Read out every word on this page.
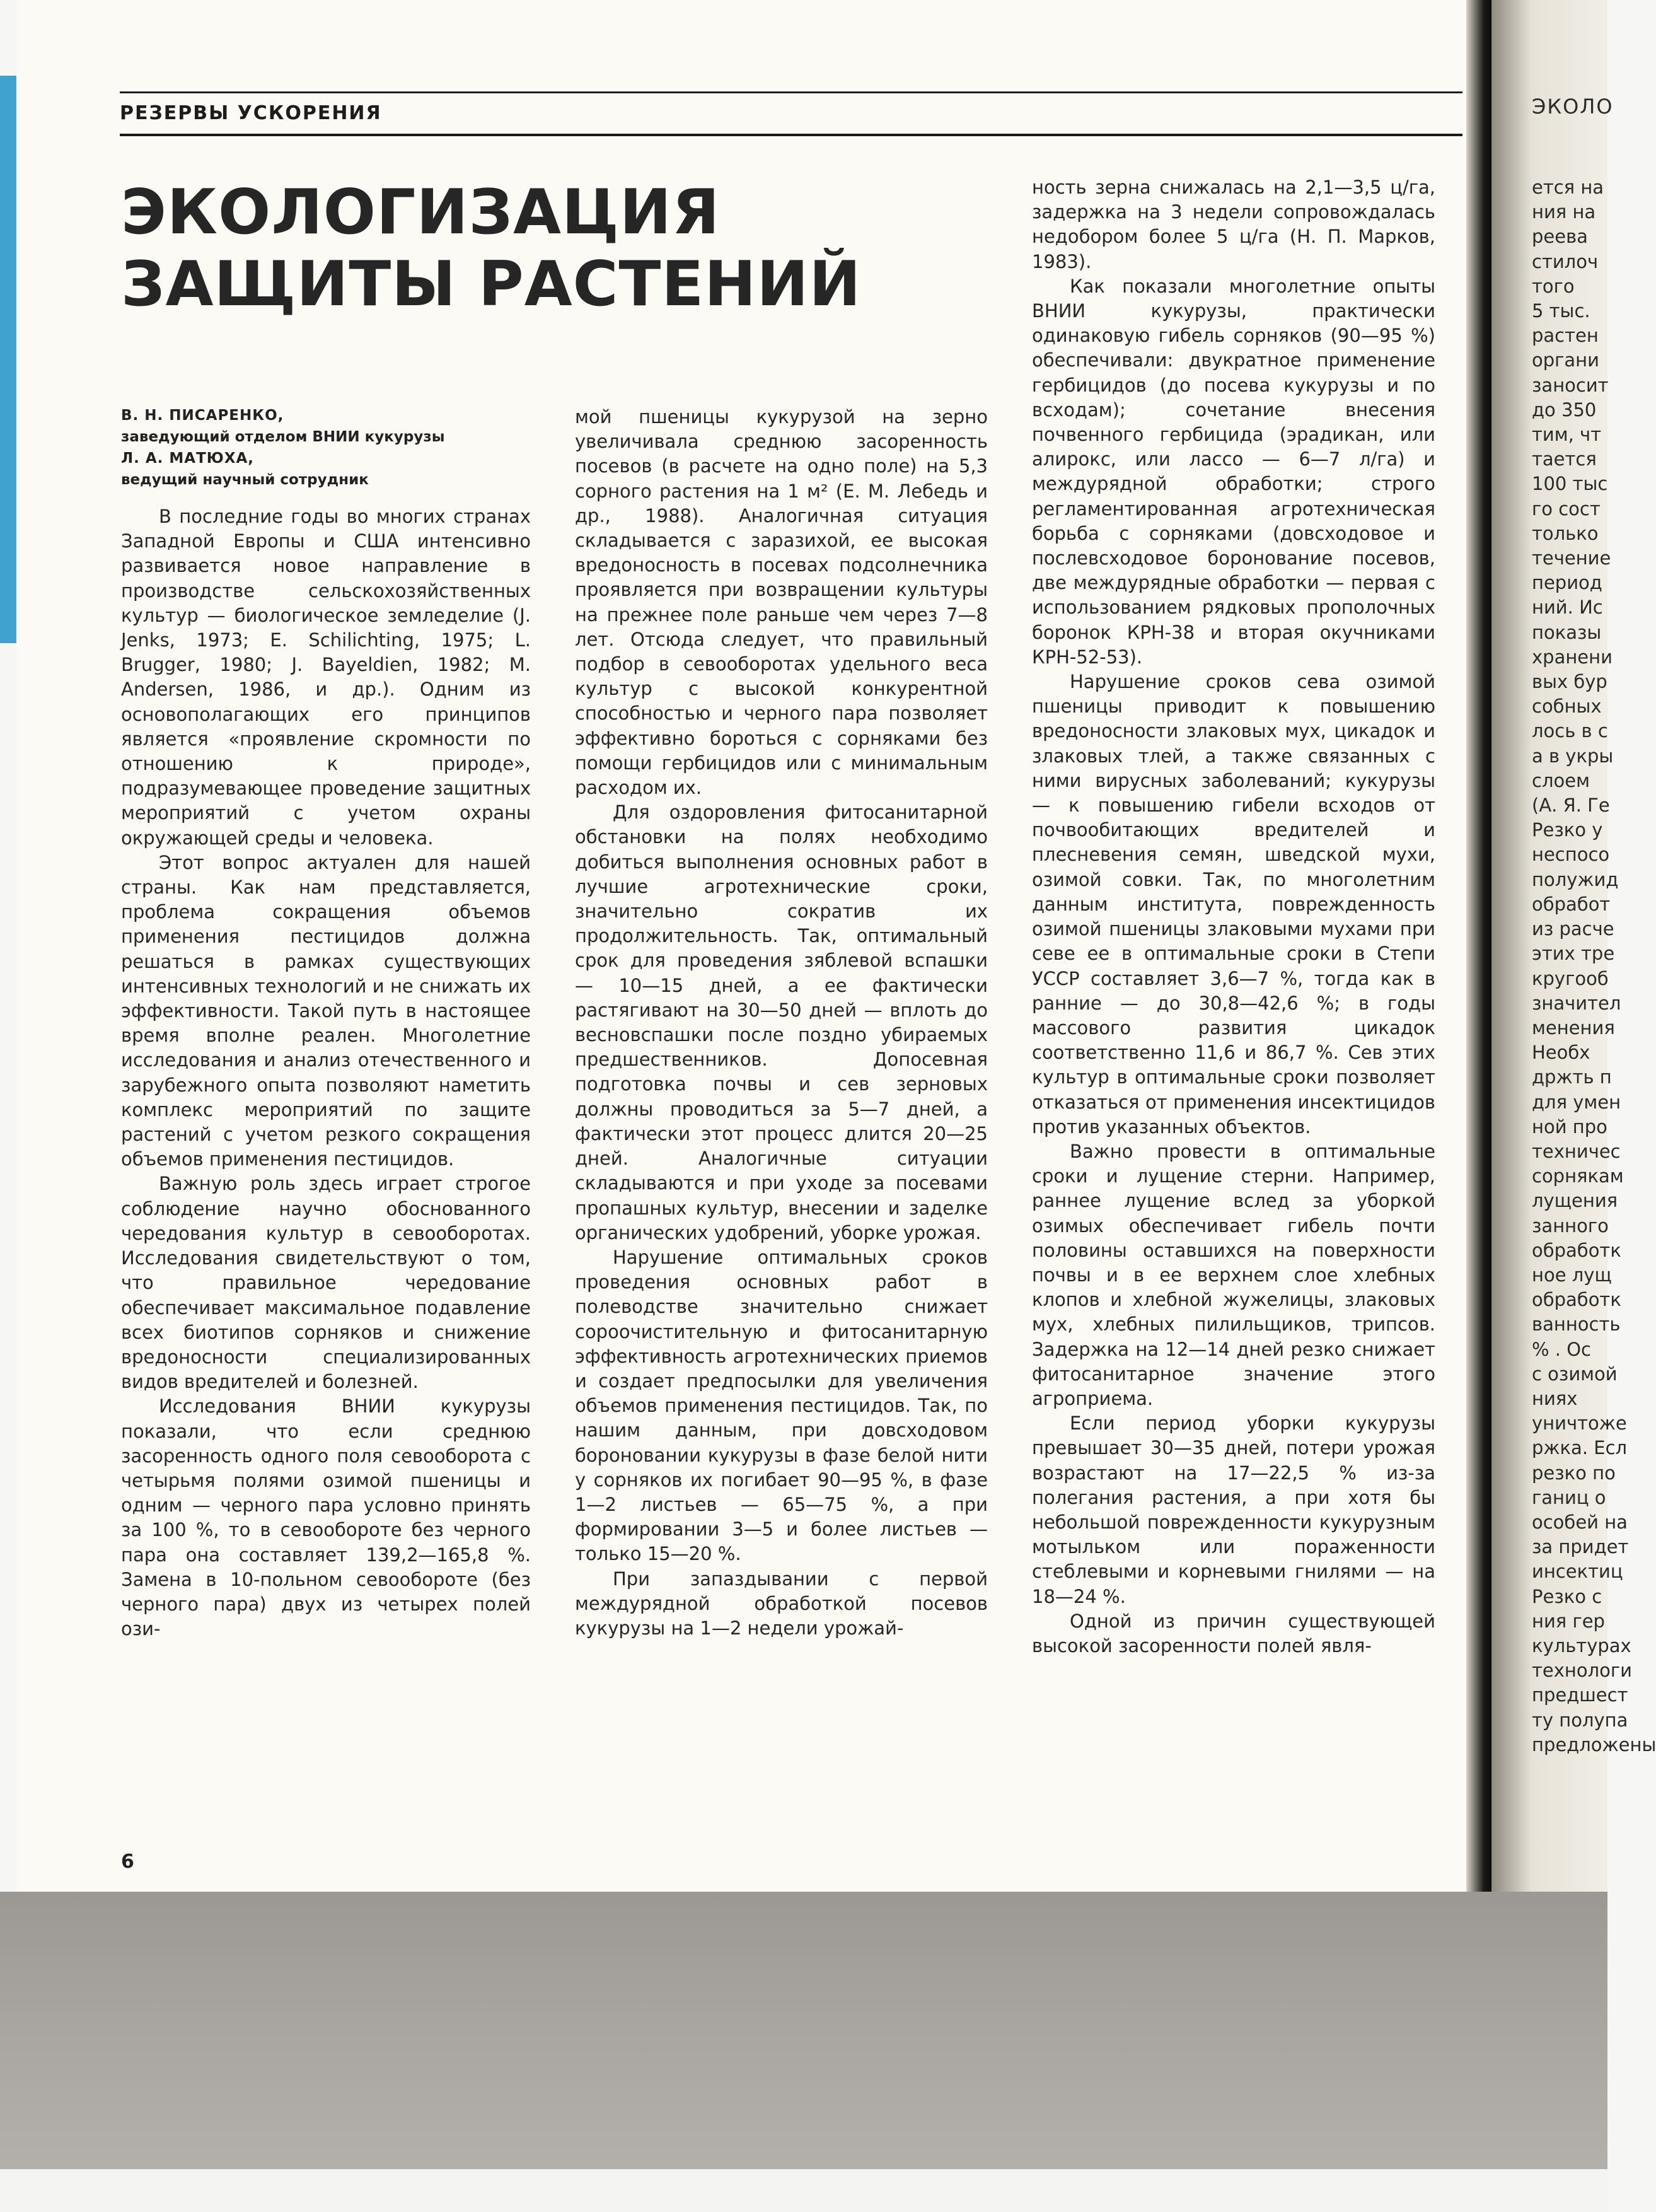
РЕЗЕРВЫ УСКОРЕНИЯ	ЭКОЛО
ЭКОЛОГИЗАЦИЯ
ЗАЩИТЫ РАСТЕНИЙ
В. Н. ПИСАРЕНКО,
заведующий отделом ВНИИ кукурузы
Л. А. МАТЮХА,
ведущий научный сотрудник

В последние годы во многих странах Западной Европы и США интенсивно развивается новое направление в производстве сельскохозяйственных культур — биологическое земледелие (J. Jenks, 1973; E. Schilichting, 1975; L. Brugger, 1980; J. Bayeldien, 1982; M. Andersen, 1986, и др.). Одним из основополагающих его принципов является «проявление скромности по отношению к природе», подразумевающее проведение защитных мероприятий с учетом охраны окружающей среды и человека.

Этот вопрос актуален для нашей страны. Как нам представляется, проблема сокращения объемов применения пестицидов должна решаться в рамках существующих интенсивных технологий и не снижать их эффективности. Такой путь в настоящее время вполне реален. Многолетние исследования и анализ отечественного и зарубежного опыта позволяют наметить комплекс мероприятий по защите растений с учетом резкого сокращения объемов применения пестицидов.

Важную роль здесь играет строгое соблюдение научно обоснованного чередования культур в севооборотах. Исследования свидетельствуют о том, что правильное чередование обеспечивает максимальное подавление всех биотипов сорняков и снижение вредоносности специализированных видов вредителей и болезней.

Исследования ВНИИ кукурузы показали, что если среднюю засоренность одного поля севооборота с четырьмя полями озимой пшеницы и одним — черного пара условно принять за 100 %, то в севообороте без черного пара она составляет 139,2—165,8 %. Замена в 10-польном севообороте (без черного пара) двух из четырех полей ози-

мой пшеницы кукурузой на зерно увеличивала среднюю засоренность посевов (в расчете на одно поле) на 5,3 сорного растения на 1 м² (Е. М. Лебедь и др., 1988). Аналогичная ситуация складывается с заразихой, ее высокая вредоносность в посевах подсолнечника проявляется при возвращении культуры на прежнее поле раньше чем через 7—8 лет. Отсюда следует, что правильный подбор в севооборотах удельного веса культур с высокой конкурентной способностью и черного пара позволяет эффективно бороться с сорняками без помощи гербицидов или с минимальным расходом их.

Для оздоровления фитосанитарной обстановки на полях необходимо добиться выполнения основных работ в лучшие агротехнические сроки, значительно сократив их продолжительность. Так, оптимальный срок для проведения зяблевой вспашки — 10—15 дней, а ее фактически растягивают на 30—50 дней — вплоть до весновспашки после поздно убираемых предшественников. Допосевная подготовка почвы и сев зерновых должны проводиться за 5—7 дней, а фактически этот процесс длится 20—25 дней. Аналогичные ситуации складываются и при уходе за посевами пропашных культур, внесении и заделке органических удобрений, уборке урожая.

Нарушение оптимальных сроков проведения основных работ в полеводстве значительно снижает сороочистительную и фитосанитарную эффективность агротехнических приемов и создает предпосылки для увеличения объемов применения пестицидов. Так, по нашим данным, при довсходовом бороновании кукурузы в фазе белой нити у сорняков их погибает 90—95 %, в фазе 1—2 листьев — 65—75 %, а при формировании 3—5 и более листьев — только 15—20 %.

При запаздывании с первой междурядной обработкой посевов кукурузы на 1—2 недели урожай-

ность зерна снижалась на 2,1—3,5 ц/га, задержка на 3 недели сопровождалась недобором более 5 ц/га (Н. П. Марков, 1983).

Как показали многолетние опыты ВНИИ кукурузы, практически одинаковую гибель сорняков (90—95 %) обеспечивали: двукратное применение гербицидов (до посева кукурузы и по всходам); сочетание внесения почвенного гербицида (эрадикан, или алирокс, или лассо — 6—7 л/га) и междурядной обработки; строго регламентированная агротехническая борьба с сорняками (довсходовое и послевсходовое боронование посевов, две междурядные обработки — первая с использованием рядковых прополочных боронок КРН-38 и вторая окучниками КРН-52-53).

Нарушение сроков сева озимой пшеницы приводит к повышению вредоносности злаковых мух, цикадок и злаковых тлей, а также связанных с ними вирусных заболеваний; кукурузы — к повышению гибели всходов от почвообитающих вредителей и плесневения семян, шведской мухи, озимой совки. Так, по многолетним данным института, поврежденность озимой пшеницы злаковыми мухами при севе ее в оптимальные сроки в Степи УССР составляет 3,6—7 %, тогда как в ранние — до 30,8—42,6 %; в годы массового развития цикадок соответственно 11,6 и 86,7 %. Сев этих культур в оптимальные сроки позволяет отказаться от применения инсектицидов против указанных объектов.

Важно провести в оптимальные сроки и лущение стерни. Например, раннее лущение вслед за уборкой озимых обеспечивает гибель почти половины оставшихся на поверхности почвы и в ее верхнем слое хлебных клопов и хлебной жужелицы, злаковых мух, хлебных пилильщиков, трипсов. Задержка на 12—14 дней резко снижает фитосанитарное значение этого агроприема.

Если период уборки кукурузы превышает 30—35 дней, потери урожая возрастают на 17—22,5 % из-за полегания растения, а при хотя бы небольшой поврежденности кукурузным мотыльком или пораженности стеблевыми и корневыми гнилями — на 18—24 %.

Одной из причин существующей высокой засоренности полей явля-

ется на
ния на
реева
стилоч
того
5 тыс.
растен
органи
заносит
до 350
тим, чт
тается
100 тыс
го сост
только
течение
период
ний. Ис
показы
хранени
вых бур
собных
лось в с
а в укры
слоем
(А. Я. Ге
Резко у
неспосо
полужид
обработ
из расче
этих тре
кругооб
значител
менения
Необх
држть п
для умен
ной про
техничес
сорнякам
лущения
занного
обработк
ное лущ
обработк
ванность
% . Ос
с озимой
ниях
уничтоже
ржка. Есл
резко по
ганиц о
особей на
за придет
инсектиц
Резко с
ния гер
культурах
технологи
предшест
ту полупа
предложены

6
